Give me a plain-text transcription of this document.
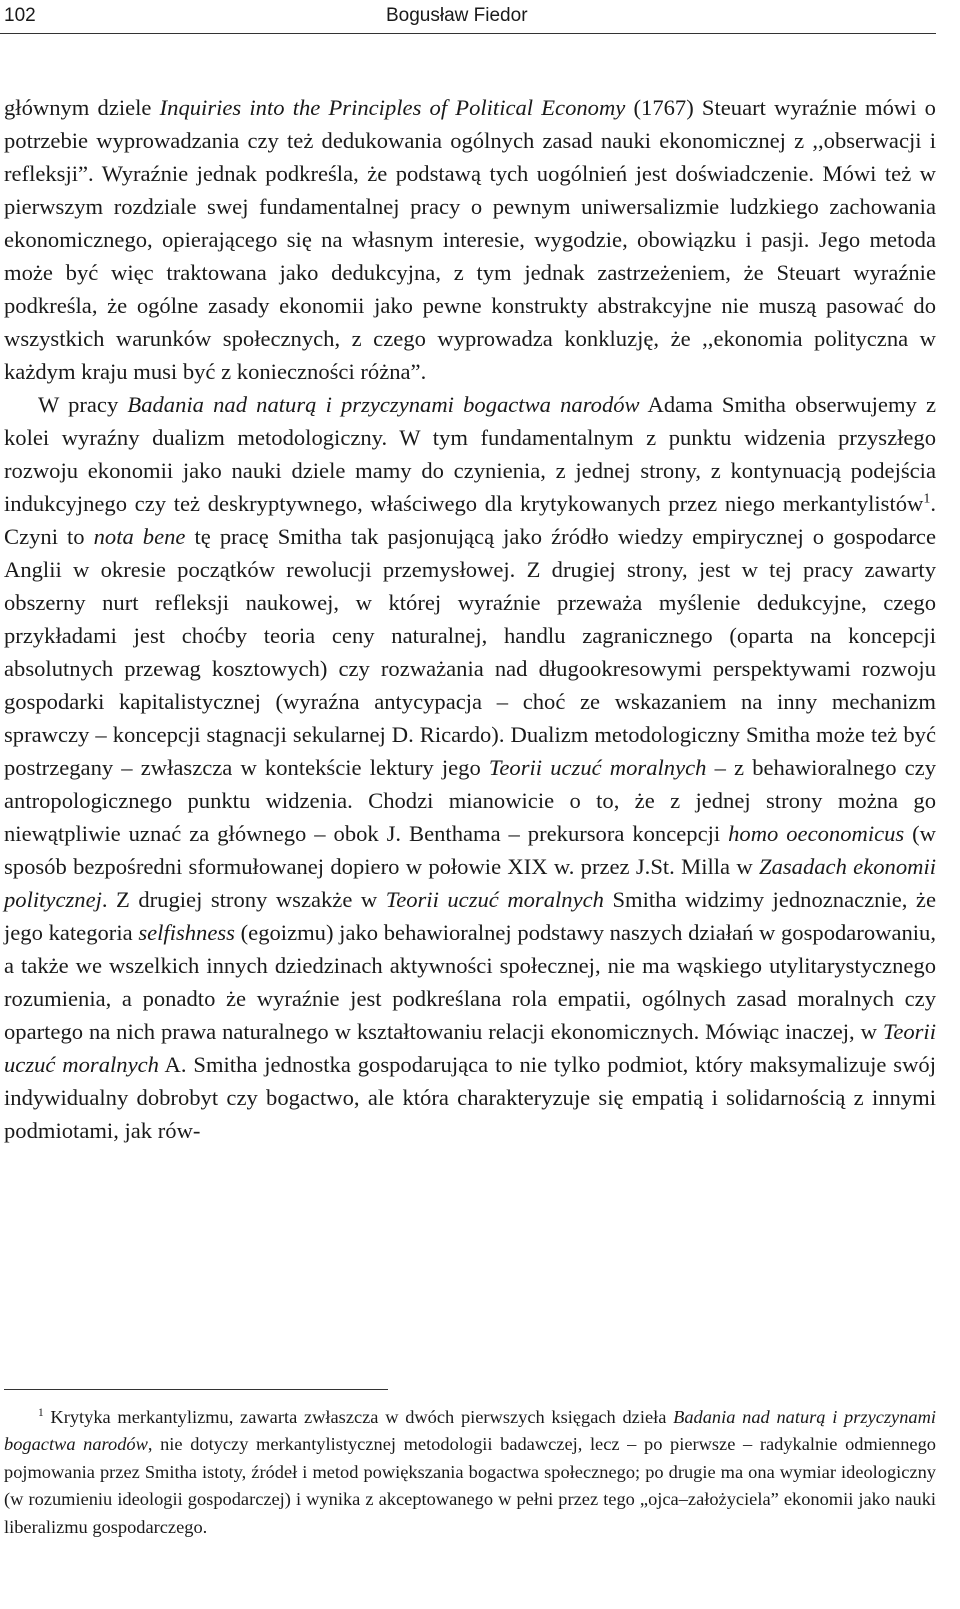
102	Bogusław Fiedor

głównym dziele Inquiries into the Principles of Political Economy (1767) Steuart wyraźnie mówi o potrzebie wyprowadzania czy też dedukowania ogólnych zasad nauki ekonomicznej z ,,obserwacji i refleksji”. Wyraźnie jednak podkreśla, że podstawą tych uogólnień jest doświadczenie. Mówi też w pierwszym rozdziale swej fundamentalnej pracy o pewnym uniwersalizmie ludzkiego zachowania ekonomicznego, opierającego się na własnym interesie, wygodzie, obowiązku i pasji. Jego metoda może być więc traktowana jako dedukcyjna, z tym jednak zastrzeżeniem, że Steuart wyraźnie podkreśla, że ogólne zasady ekonomii jako pewne konstrukty abstrakcyjne nie muszą pasować do wszystkich warunków społecznych, z czego wyprowadza konkluzję, że ,,ekonomia polityczna w każdym kraju musi być z konieczności różna”.

W pracy Badania nad naturą i przyczynami bogactwa narodów Adama Smitha obserwujemy z kolei wyraźny dualizm metodologiczny. W tym fundamentalnym z punktu widzenia przyszłego rozwoju ekonomii jako nauki dziele mamy do czynienia, z jednej strony, z kontynuacją podejścia indukcyjnego czy też deskryptywnego, właściwego dla krytykowanych przez niego merkantylistów$^1$. Czyni to nota bene tę pracę Smitha tak pasjonującą jako źródło wiedzy empirycznej o gospodarce Anglii w okresie początków rewolucji przemysłowej. Z drugiej strony, jest w tej pracy zawarty obszerny nurt refleksji naukowej, w której wyraźnie przeważa myślenie dedukcyjne, czego przykładami jest choćby teoria ceny naturalnej, handlu zagranicznego (oparta na koncepcji absolutnych przewag kosztowych) czy rozważania nad długookresowymi perspektywami rozwoju gospodarki kapitalistycznej (wyraźna antycypacja – choć ze wskazaniem na inny mechanizm sprawczy – koncepcji stagnacji sekularnej D. Ricardo). Dualizm metodologiczny Smitha może też być postrzegany – zwłaszcza w kontekście lektury jego Teorii uczuć moralnych – z behawioralnego czy antropologicznego punktu widzenia. Chodzi mianowicie o to, że z jednej strony można go niewątpliwie uznać za głównego – obok J. Benthama – prekursora koncepcji homo oeconomicus (w sposób bezpośredni sformułowanej dopiero w połowie XIX w. przez J.St. Milla w Zasadach ekonomii politycznej. Z drugiej strony wszakże w Teorii uczuć moralnych Smitha widzimy jednoznacznie, że jego kategoria selfishness (egoizmu) jako behawioralnej podstawy naszych działań w gospodarowaniu, a także we wszelkich innych dziedzinach aktywności społecznej, nie ma wąskiego utylitarystycznego rozumienia, a ponadto że wyraźnie jest podkreślana rola empatii, ogólnych zasad moralnych czy opartego na nich prawa naturalnego w kształtowaniu relacji ekonomicznych. Mówiąc inaczej, w Teorii uczuć moralnych A. Smitha jednostka gospodarująca to nie tylko podmiot, który maksymalizuje swój indywidualny dobrobyt czy bogactwo, ale która charakteryzuje się empatią i solidarnością z innymi podmiotami, jak rów-

$^1$ Krytyka merkantylizmu, zawarta zwłaszcza w dwóch pierwszych księgach dzieła Badania nad naturą i przyczynami bogactwa narodów, nie dotyczy merkantylistycznej metodologii badawczej, lecz – po pierwsze – radykalnie odmiennego pojmowania przez Smitha istoty, źródeł i metod powiększania bogactwa społecznego; po drugie ma ona wymiar ideologiczny (w rozumieniu ideologii gospodarczej) i wynika z akceptowanego w pełni przez tego „ojca–założyciela” ekonomii jako nauki liberalizmu gospodarczego.
